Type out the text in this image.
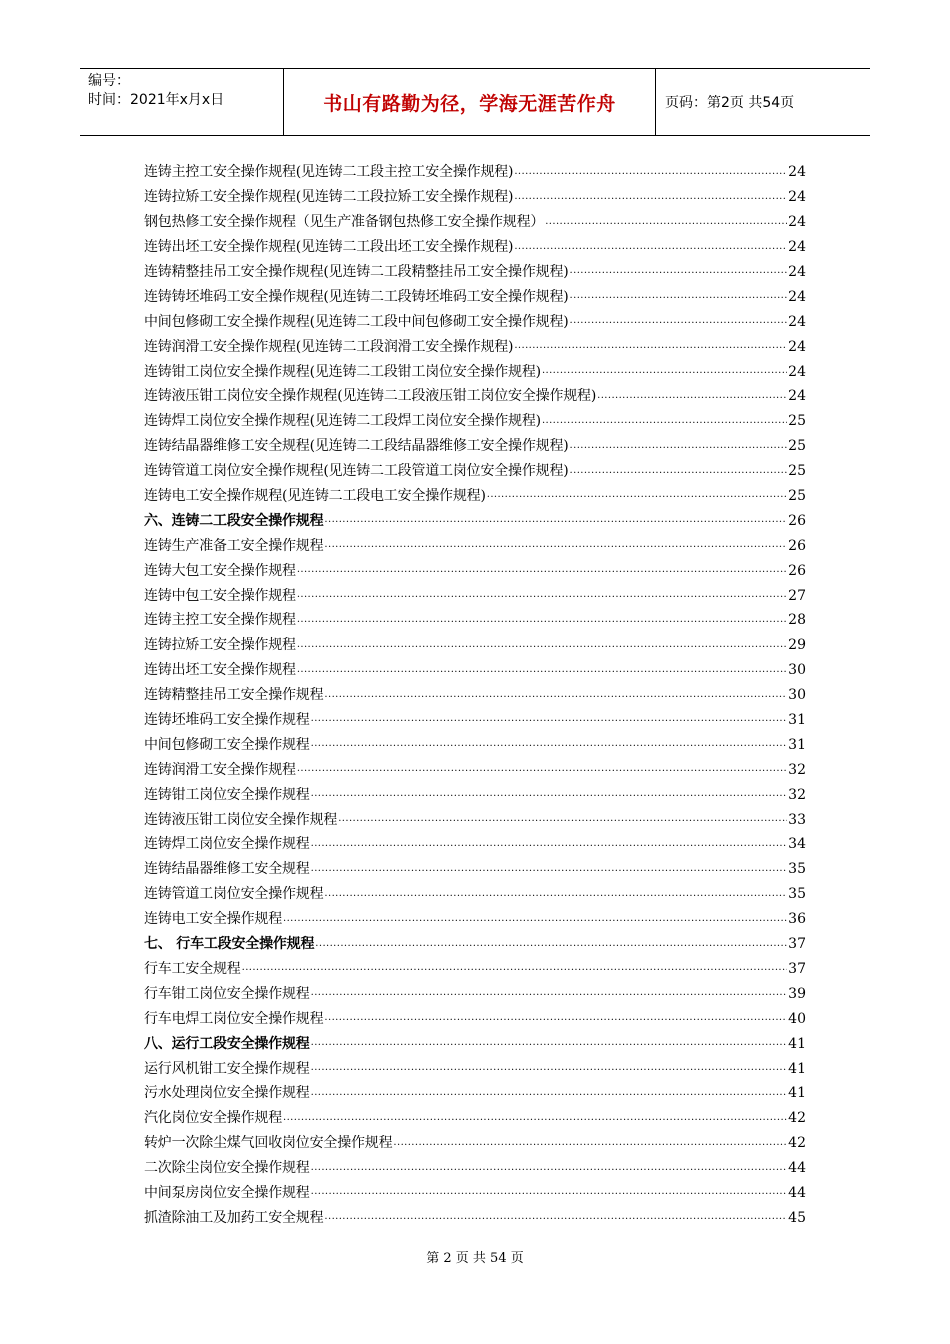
编号：
时间：2021年x月x日	书山有路勤为径，学海无涯苦作舟	页码：第2页 共54页
连铸主控工安全操作规程(见连铸二工段主控工安全操作规程) .....	24
连铸拉矫工安全操作规程(见连铸二工段拉矫工安全操作规程) .....	24
钢包热修工安全操作规程（见生产准备钢包热修工安全操作规程） .....	24
连铸出坯工安全操作规程(见连铸二工段出坯工安全操作规程) .....	24
连铸精整挂吊工安全操作规程(见连铸二工段精整挂吊工安全操作规程) .....	24
连铸铸坯堆码工安全操作规程(见连铸二工段铸坯堆码工安全操作规程) .....	24
中间包修砌工安全操作规程(见连铸二工段中间包修砌工安全操作规程) .....	24
连铸润滑工安全操作规程(见连铸二工段润滑工安全操作规程) .....	24
连铸钳工岗位安全操作规程(见连铸二工段钳工岗位安全操作规程) .....	24
连铸液压钳工岗位安全操作规程(见连铸二工段液压钳工岗位安全操作规程) .....	24
连铸焊工岗位安全操作规程(见连铸二工段焊工岗位安全操作规程) .....	25
连铸结晶器维修工安全规程(见连铸二工段结晶器维修工安全操作规程) .....	25
连铸管道工岗位安全操作规程(见连铸二工段管道工岗位安全操作规程) .....	25
连铸电工安全操作规程(见连铸二工段电工安全操作规程) .....	25
六、连铸二工段安全操作规程 .....	26
连铸生产准备工安全操作规程 .....	26
连铸大包工安全操作规程 .....	26
连铸中包工安全操作规程 .....	27
连铸主控工安全操作规程 .....	28
连铸拉矫工安全操作规程 .....	29
连铸出坯工安全操作规程 .....	30
连铸精整挂吊工安全操作规程 .....	30
连铸坯堆码工安全操作规程 .....	31
中间包修砌工安全操作规程 .....	31
连铸润滑工安全操作规程 .....	32
连铸钳工岗位安全操作规程 .....	32
连铸液压钳工岗位安全操作规程 .....	33
连铸焊工岗位安全操作规程 .....	34
连铸结晶器维修工安全规程 .....	35
连铸管道工岗位安全操作规程 .....	35
连铸电工安全操作规程 .....	36
七、 行车工段安全操作规程 .....	37
行车工安全规程 .....	37
行车钳工岗位安全操作规程 .....	39
行车电焊工岗位安全操作规程 .....	40
八、运行工段安全操作规程 .....	41
运行风机钳工安全操作规程 .....	41
污水处理岗位安全操作规程 .....	41
汽化岗位安全操作规程 .....	42
转炉一次除尘煤气回收岗位安全操作规程 .....	42
二次除尘岗位安全操作规程 .....	44
中间泵房岗位安全操作规程 .....	44
抓渣除油工及加药工安全规程 .....	45
第 2 页 共 54 页
